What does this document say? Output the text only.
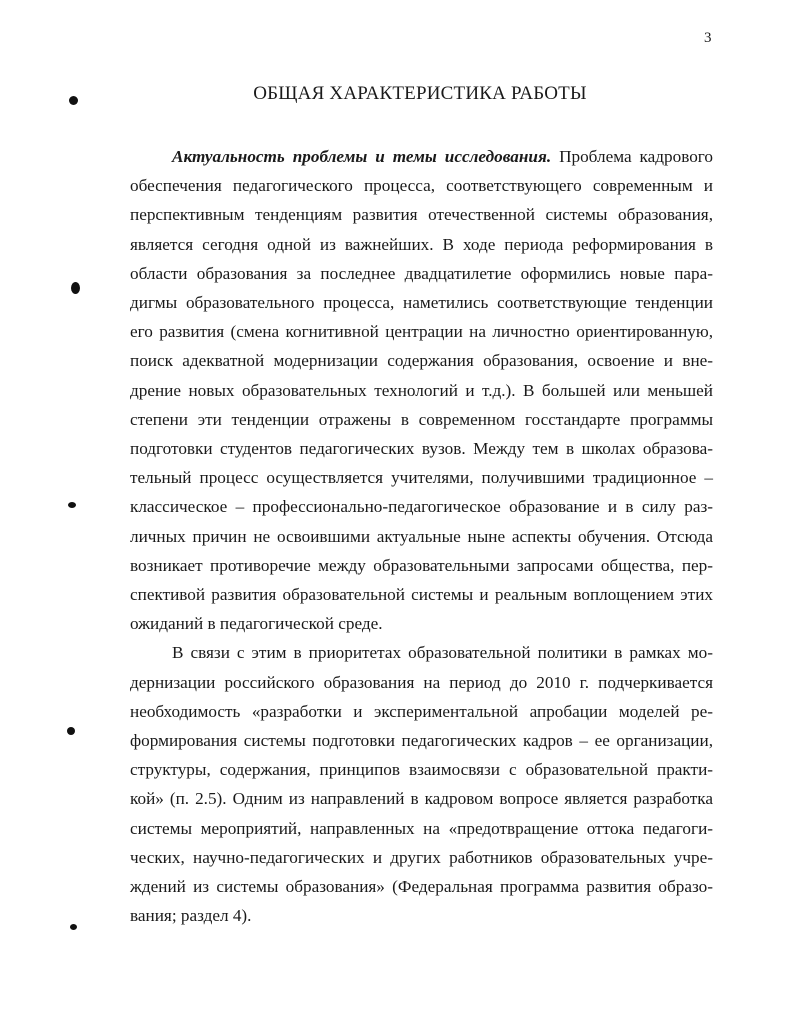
3
ОБЩАЯ ХАРАКТЕРИСТИКА РАБОТЫ

Актуальность проблемы и темы исследования. Проблема кадрового
обеспечения педагогического процесса, соответствующего современным и
перспективным тенденциям развития отечественной системы образования,
является сегодня одной из важнейших. В ходе периода реформирования в
области образования за последнее двадцатилетие оформились новые пара-
дигмы образовательного процесса, наметились соответствующие тенденции
его развития (смена когнитивной центрации на личностно ориентированную,
поиск адекватной модернизации содержания образования, освоение и вне-
дрение новых образовательных технологий и т.д.). В большей или меньшей
степени эти тенденции отражены в современном госстандарте программы
подготовки студентов педагогических вузов. Между тем в школах образова-
тельный процесс осуществляется учителями, получившими традиционное –
классическое – профессионально-педагогическое образование и в силу раз-
личных причин не освоившими актуальные ныне аспекты обучения. Отсюда
возникает противоречие между образовательными запросами общества, пер-
спективой развития образовательной системы и реальным воплощением этих
ожиданий в педагогической среде.

В связи с этим в приоритетах образовательной политики в рамках мо-
дернизации российского образования на период до 2010 г. подчеркивается
необходимость «разработки и экспериментальной апробации моделей ре-
формирования системы подготовки педагогических кадров – ее организации,
структуры, содержания, принципов взаимосвязи с образовательной практи-
кой» (п. 2.5). Одним из направлений в кадровом вопросе является разработка
системы мероприятий, направленных на «предотвращение оттока педагоги-
ческих, научно-педагогических и других работников образовательных учре-
ждений из системы образования» (Федеральная программа развития образо-
вания; раздел 4).
